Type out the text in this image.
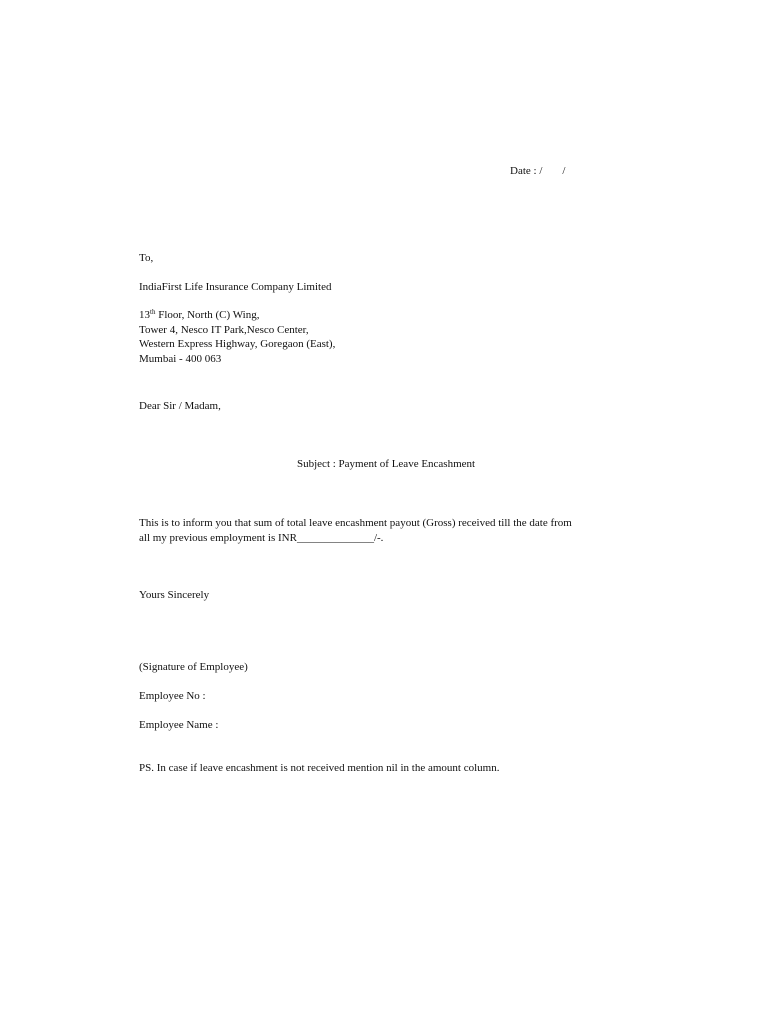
Date : / /
To,
IndiaFirst Life Insurance Company Limited
13th Floor, North (C) Wing,
Tower 4, Nesco IT Park,Nesco Center,
Western Express Highway, Goregaon (East),
Mumbai - 400 063
Dear Sir / Madam,
Subject : Payment of Leave Encashment
This is to inform you that sum of total leave encashment payout (Gross) received till the date from
all my previous employment is INR______________/-.
Yours Sincerely
(Signature of Employee)
Employee No :
Employee Name :
PS. In case if leave encashment is not received mention nil in the amount column.
